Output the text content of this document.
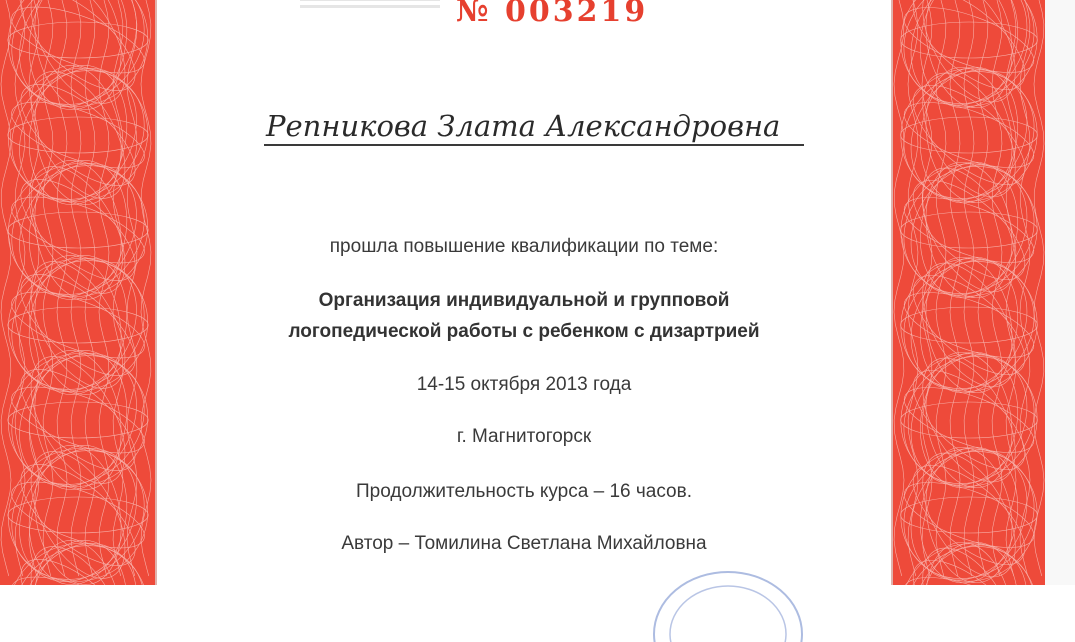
№ 003219

Репникова Злата Александровна

прошла повышение квалификации по теме:

Организация индивидуальной и групповой
логопедической работы с ребенком с дизартрией

14-15 октября 2013 года

г. Магнитогорск

Продолжительность курса – 16 часов.

Автор – Томилина Светлана Михайловна
